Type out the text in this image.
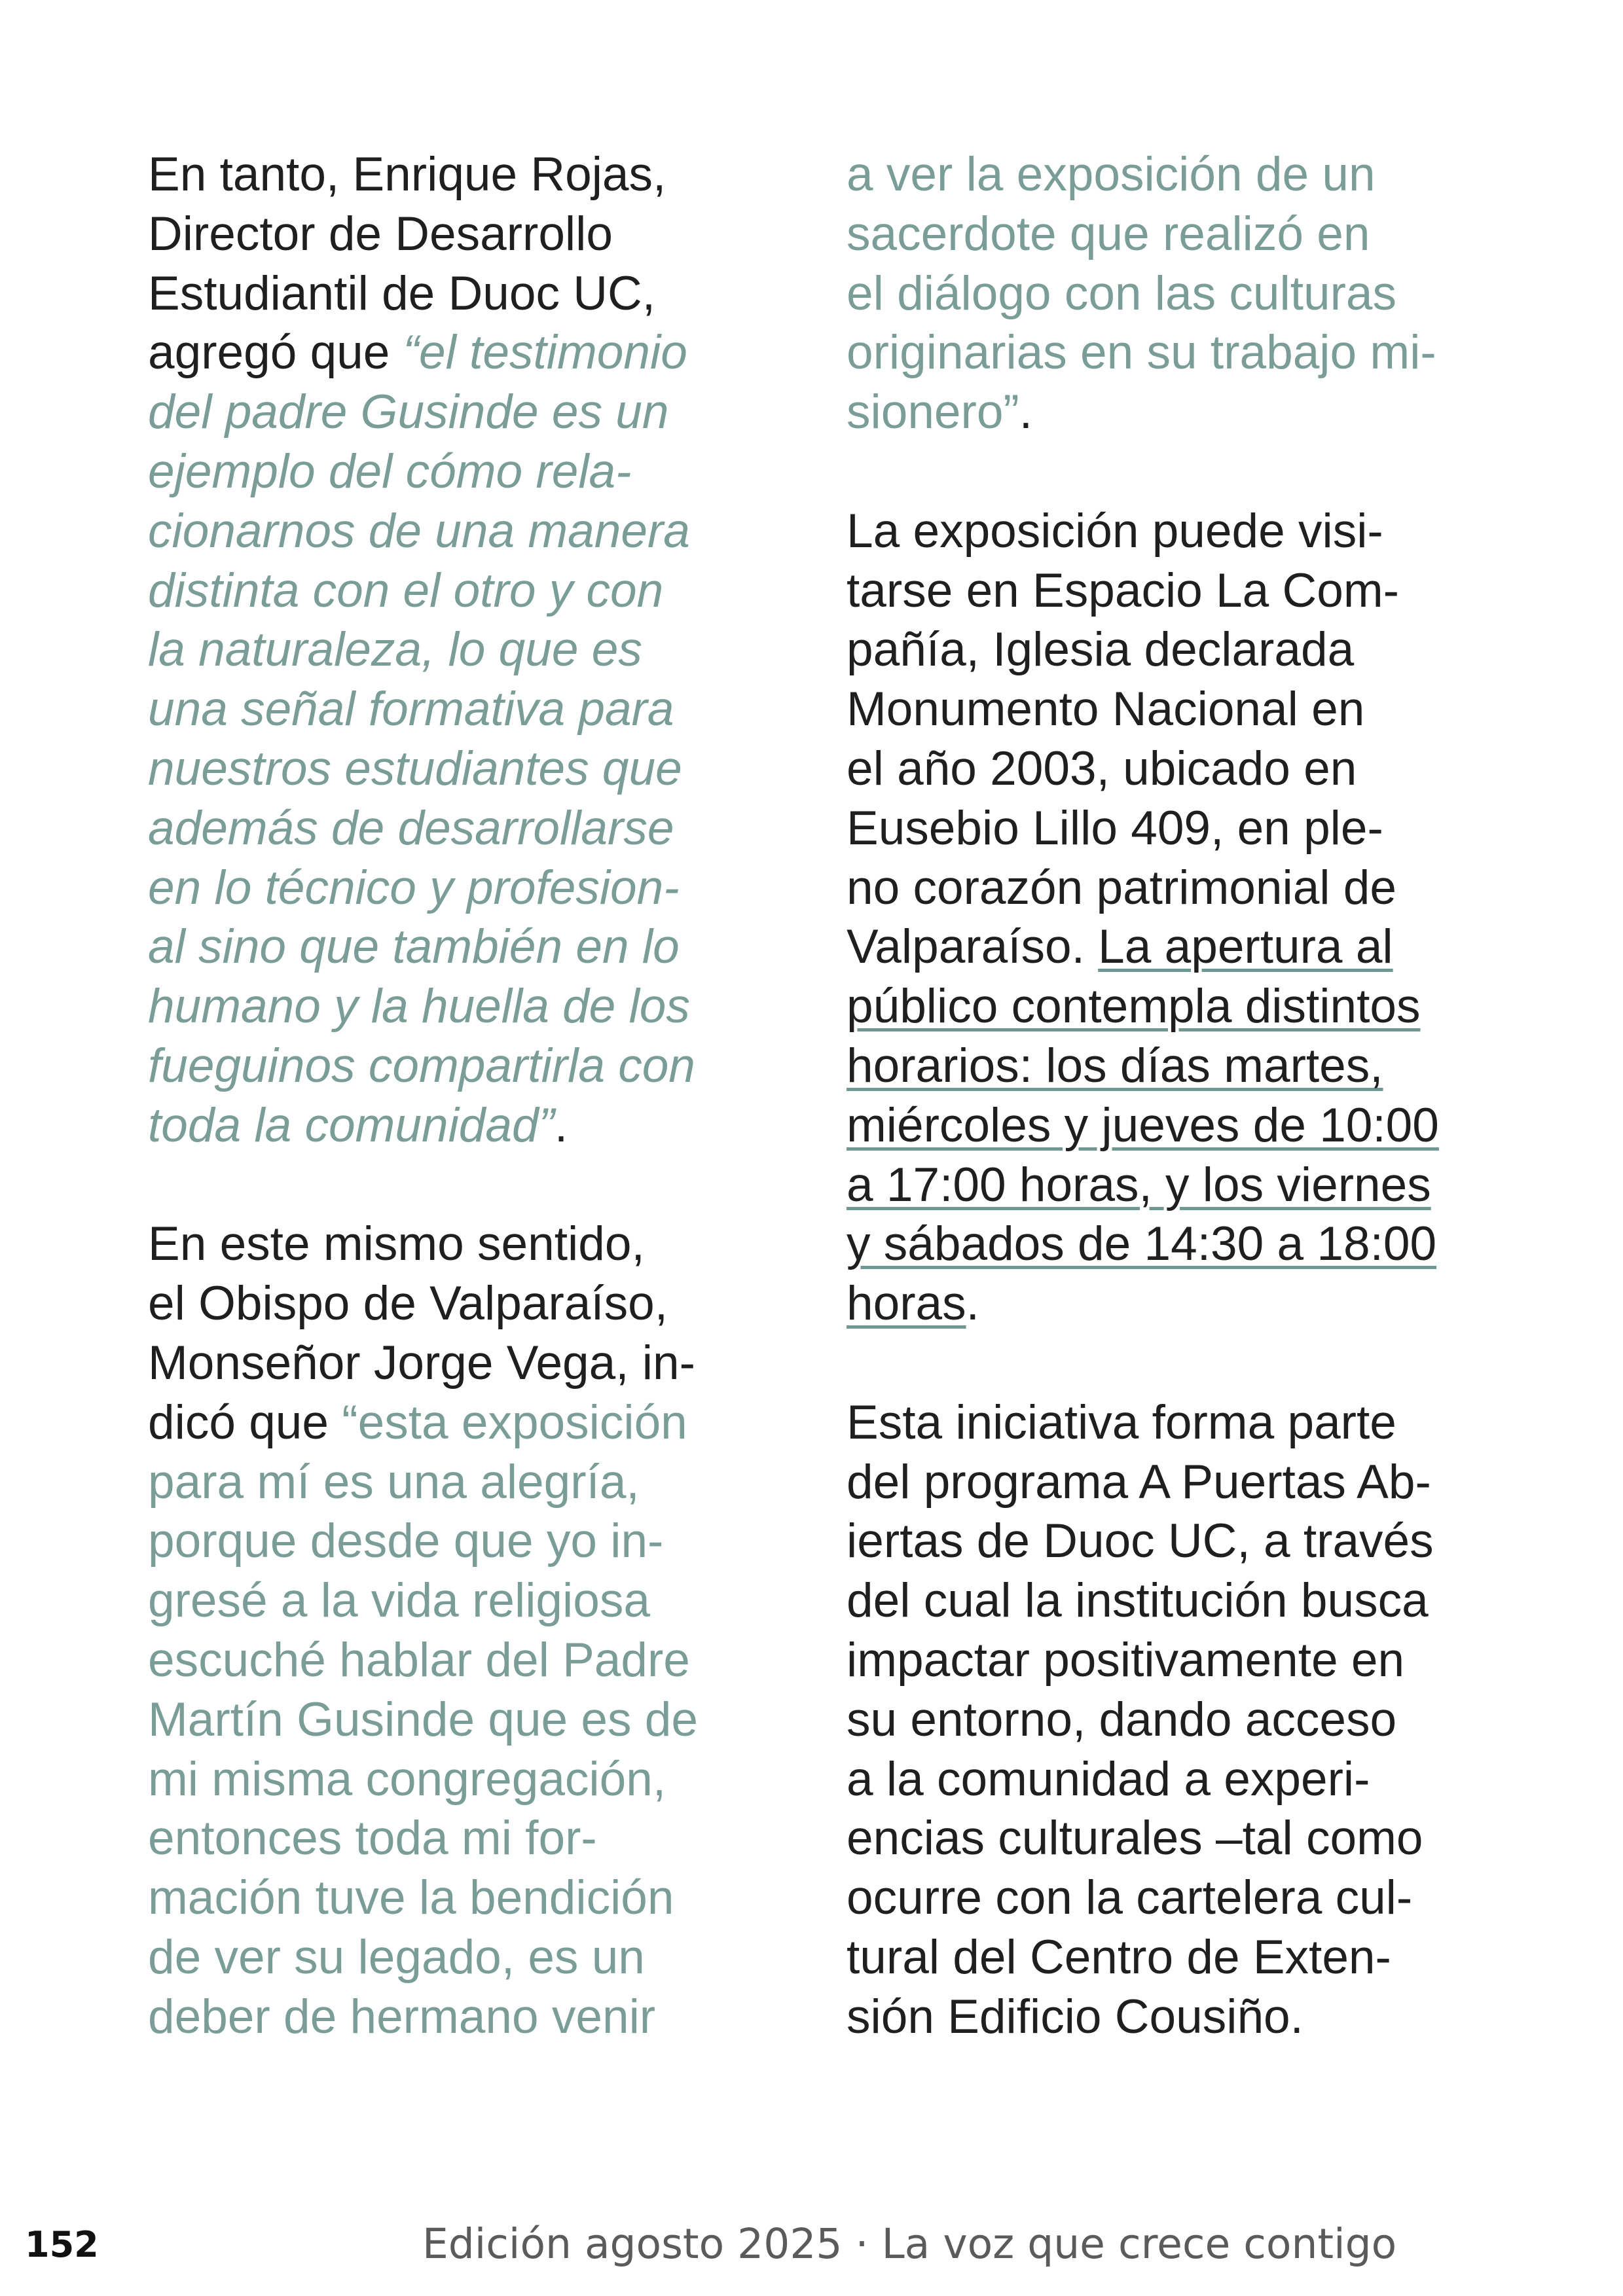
En tanto, Enrique Rojas,
Director de Desarrollo
Estudiantil de Duoc UC,
agregó que “el testimonio
del padre Gusinde es un
ejemplo del cómo rela-
cionarnos de una manera
distinta con el otro y con
la naturaleza, lo que es
una señal formativa para
nuestros estudiantes que
además de desarrollarse
en lo técnico y profesion-
al sino que también en lo
humano y la huella de los
fueguinos compartirla con
toda la comunidad”.
En este mismo sentido,
el Obispo de Valparaíso,
Monseñor Jorge Vega, in-
dicó que “esta exposición
para mí es una alegría,
porque desde que yo in-
gresé a la vida religiosa
escuché hablar del Padre
Martín Gusinde que es de
mi misma congregación,
entonces toda mi for-
mación tuve la bendición
de ver su legado, es un
deber de hermano venir
a ver la exposición de un
sacerdote que realizó en
el diálogo con las culturas
originarias en su trabajo mi-
sionero”.
La exposición puede visi-
tarse en Espacio La Com-
pañía, Iglesia declarada
Monumento Nacional en
el año 2003, ubicado en
Eusebio Lillo 409, en ple-
no corazón patrimonial de
Valparaíso. La apertura al
público contempla distintos
horarios: los días martes,
miércoles y jueves de 10:00
a 17:00 horas, y los viernes
y sábados de 14:30 a 18:00
horas.
Esta iniciativa forma parte
del programa A Puertas Ab-
iertas de Duoc UC, a través
del cual la institución busca
impactar positivamente en
su entorno, dando acceso
a la comunidad a experi-
encias culturales –tal como
ocurre con la cartelera cul-
tural del Centro de Exten-
sión Edificio Cousiño.
152	Edición agosto 2025 · La voz que crece contigo
